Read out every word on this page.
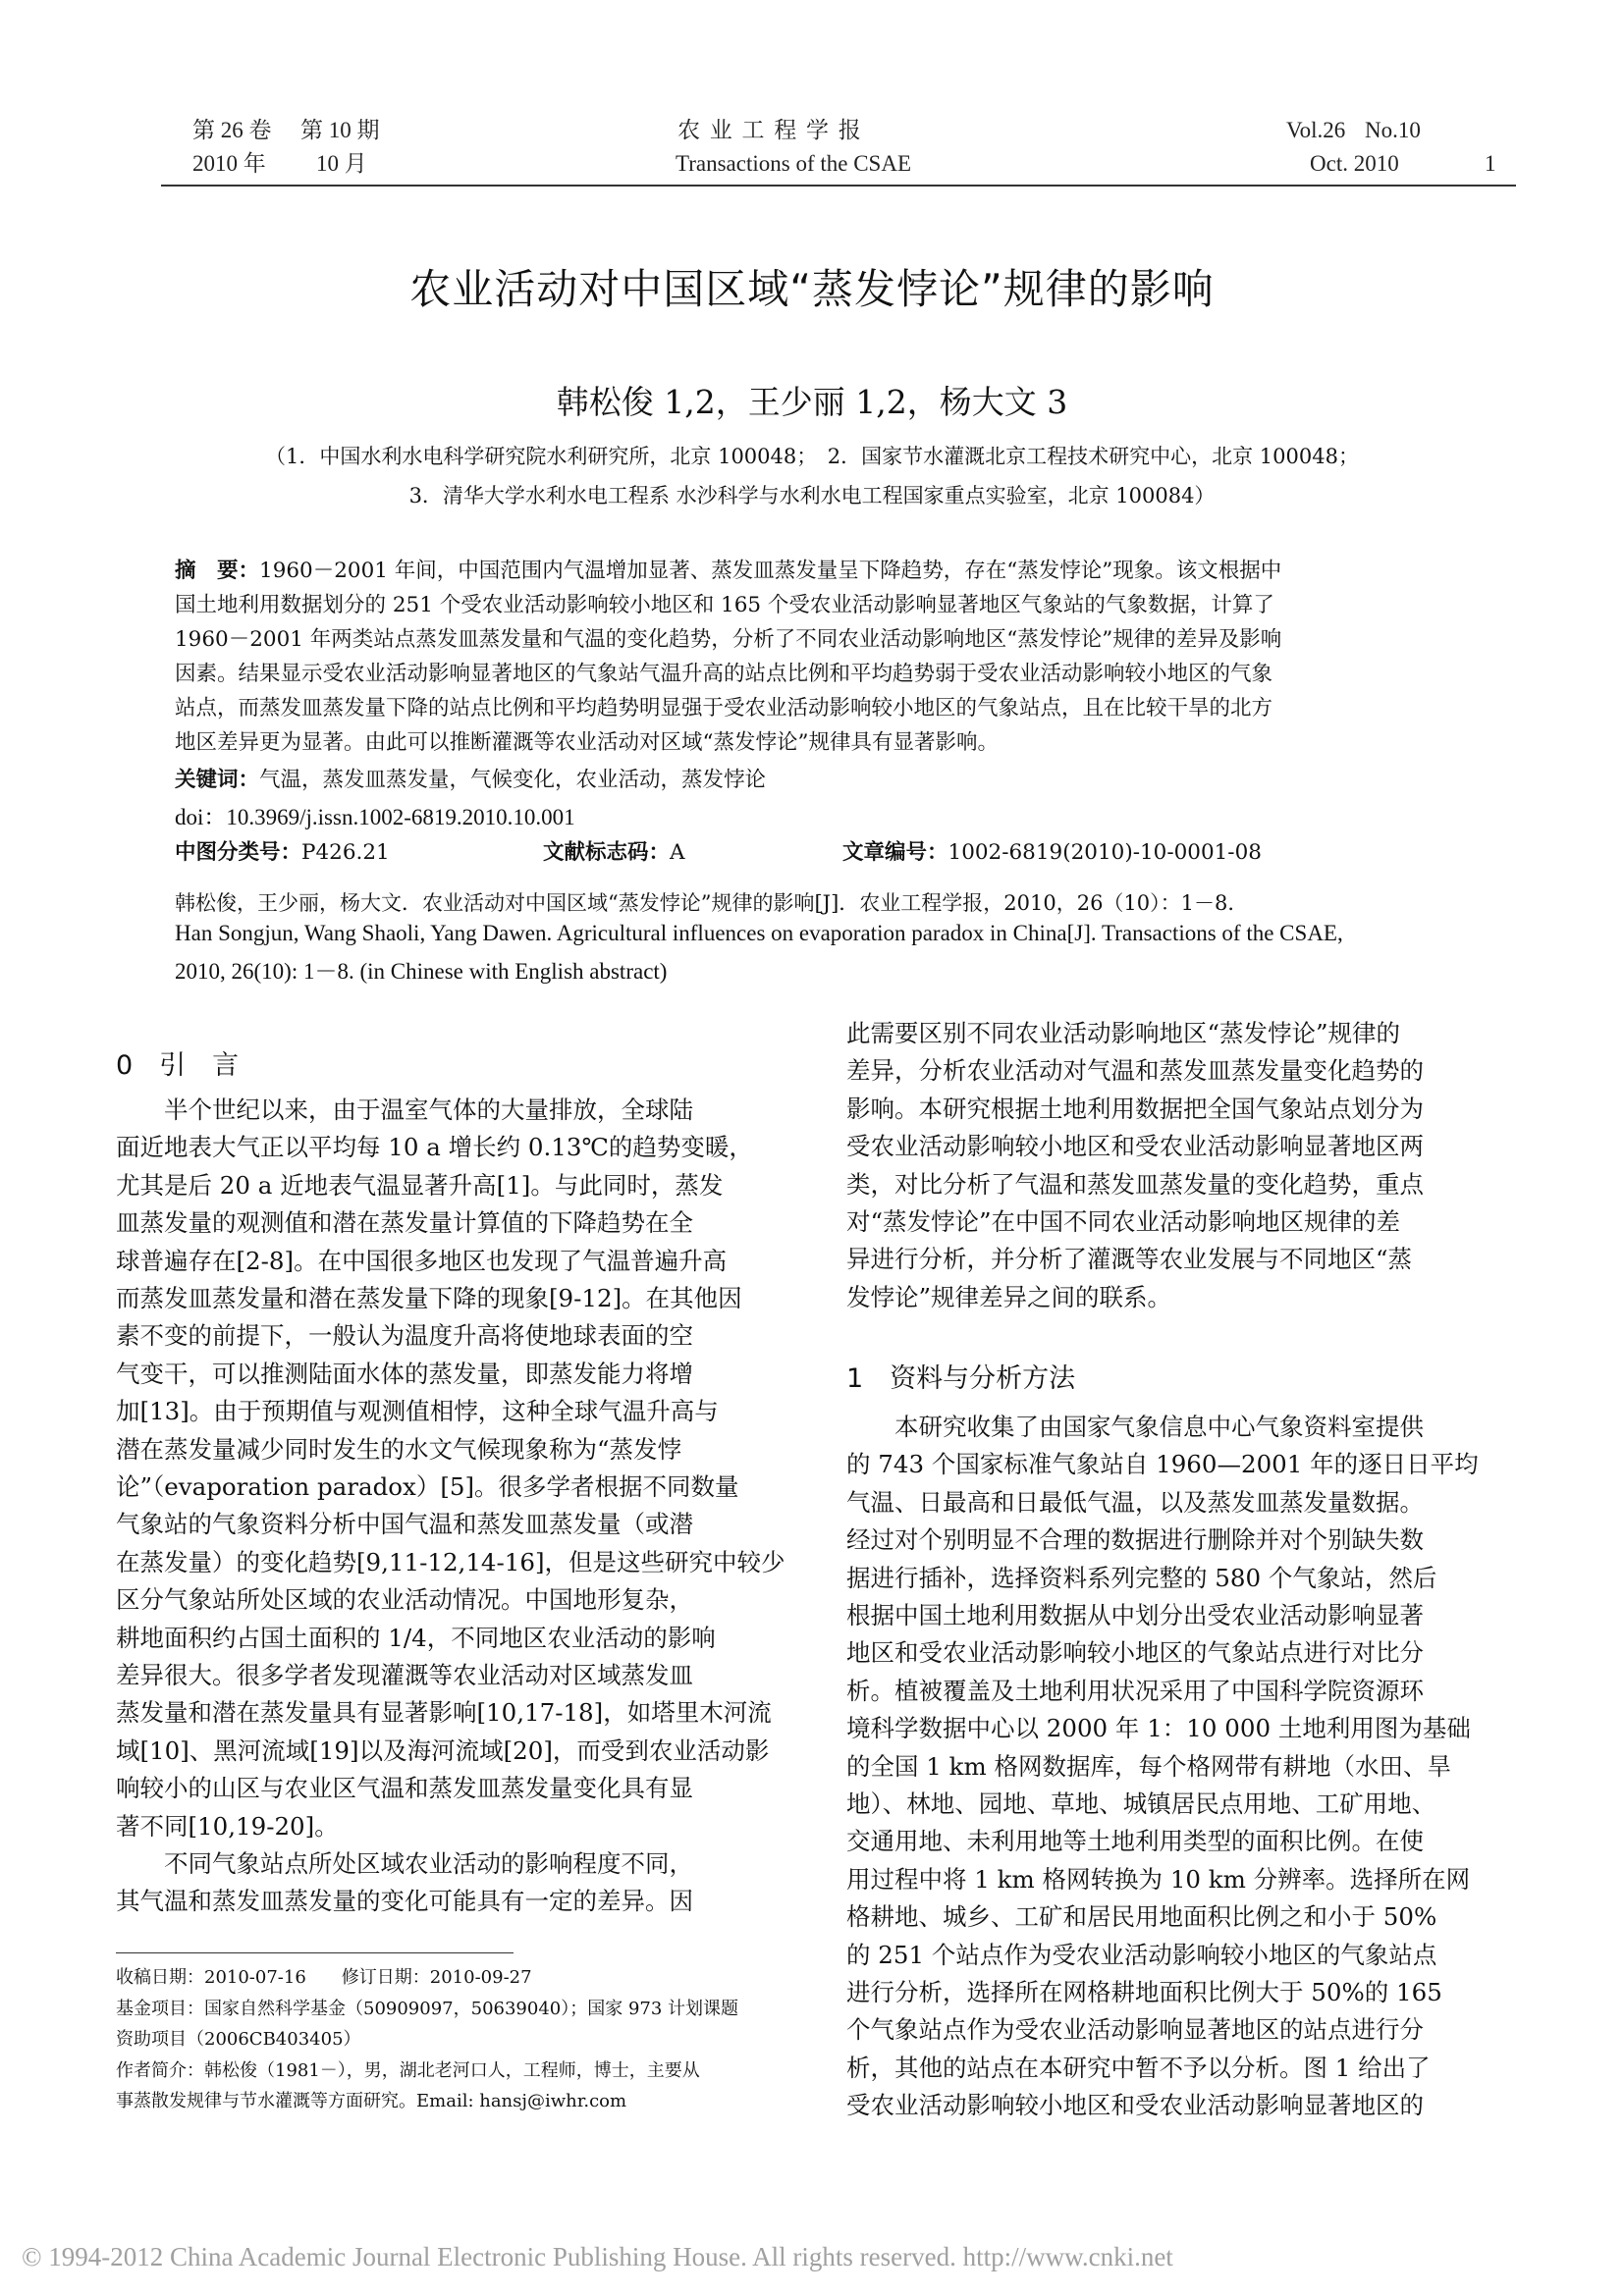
第 26 卷 第 10 期
2010 年 10 月
农 业 工 程 学 报
Transactions of the CSAE
Vol.26 No.10
Oct. 2010	1
农业活动对中国区域“蒸发悖论”规律的影响
韩松俊 1,2，王少丽 1,2，杨大文 3
（1．中国水利水电科学研究院水利研究所，北京 100048；　2．国家节水灌溉北京工程技术研究中心，北京 100048；
3．清华大学水利水电工程系 水沙科学与水利水电工程国家重点实验室，北京 100084）
摘　要：1960－2001 年间，中国范围内气温增加显著、蒸发皿蒸发量呈下降趋势，存在“蒸发悖论”现象。该文根据中
国土地利用数据划分的 251 个受农业活动影响较小地区和 165 个受农业活动影响显著地区气象站的气象数据，计算了
1960－2001 年两类站点蒸发皿蒸发量和气温的变化趋势，分析了不同农业活动影响地区“蒸发悖论”规律的差异及影响
因素。结果显示受农业活动影响显著地区的气象站气温升高的站点比例和平均趋势弱于受农业活动影响较小地区的气象
站点，而蒸发皿蒸发量下降的站点比例和平均趋势明显强于受农业活动影响较小地区的气象站点，且在比较干旱的北方
地区差异更为显著。由此可以推断灌溉等农业活动对区域“蒸发悖论”规律具有显著影响。
关键词：气温，蒸发皿蒸发量，气候变化，农业活动，蒸发悖论
doi：10.3969/j.issn.1002-6819.2010.10.001
中图分类号：P426.21	文献标志码：A	文章编号：1002-6819(2010)-10-0001-08
韩松俊，王少丽，杨大文．农业活动对中国区域“蒸发悖论”规律的影响[J]．农业工程学报，2010，26（10）：1－8．
Han Songjun, Wang Shaoli, Yang Dawen. Agricultural influences on evaporation paradox in China[J]. Transactions of the CSAE,
2010, 26(10): 1－8. (in Chinese with English abstract)
0　引　言
　　半个世纪以来，由于温室气体的大量排放，全球陆
面近地表大气正以平均每 10 a 增长约 0.13℃的趋势变暖，
尤其是后 20 a 近地表气温显著升高[1]。与此同时，蒸发
皿蒸发量的观测值和潜在蒸发量计算值的下降趋势在全
球普遍存在[2-8]。在中国很多地区也发现了气温普遍升高
而蒸发皿蒸发量和潜在蒸发量下降的现象[9-12]。在其他因
素不变的前提下，一般认为温度升高将使地球表面的空
气变干，可以推测陆面水体的蒸发量，即蒸发能力将增
加[13]。由于预期值与观测值相悖，这种全球气温升高与
潜在蒸发量减少同时发生的水文气候现象称为“蒸发悖
论”（evaporation paradox）[5]。很多学者根据不同数量
气象站的气象资料分析中国气温和蒸发皿蒸发量（或潜
在蒸发量）的变化趋势[9,11-12,14-16]，但是这些研究中较少
区分气象站所处区域的农业活动情况。中国地形复杂，
耕地面积约占国土面积的 1/4，不同地区农业活动的影响
差异很大。很多学者发现灌溉等农业活动对区域蒸发皿
蒸发量和潜在蒸发量具有显著影响[10,17-18]，如塔里木河流
域[10]、黑河流域[19]以及海河流域[20]，而受到农业活动影
响较小的山区与农业区气温和蒸发皿蒸发量变化具有显
著不同[10,19-20]。
　　不同气象站点所处区域农业活动的影响程度不同，
其气温和蒸发皿蒸发量的变化可能具有一定的差异。因
收稿日期：2010-07-16　　修订日期：2010-09-27
基金项目：国家自然科学基金（50909097，50639040）；国家 973 计划课题
资助项目（2006CB403405）
作者简介：韩松俊（1981－），男，湖北老河口人，工程师，博士，主要从
事蒸散发规律与节水灌溉等方面研究。Email: hansj@iwhr.com
此需要区别不同农业活动影响地区“蒸发悖论”规律的
差异，分析农业活动对气温和蒸发皿蒸发量变化趋势的
影响。本研究根据土地利用数据把全国气象站点划分为
受农业活动影响较小地区和受农业活动影响显著地区两
类，对比分析了气温和蒸发皿蒸发量的变化趋势，重点
对“蒸发悖论”在中国不同农业活动影响地区规律的差
异进行分析，并分析了灌溉等农业发展与不同地区“蒸
发悖论”规律差异之间的联系。
1　资料与分析方法
　　本研究收集了由国家气象信息中心气象资料室提供
的 743 个国家标准气象站自 1960—2001 年的逐日日平均
气温、日最高和日最低气温，以及蒸发皿蒸发量数据。
经过对个别明显不合理的数据进行删除并对个别缺失数
据进行插补，选择资料系列完整的 580 个气象站，然后
根据中国土地利用数据从中划分出受农业活动影响显著
地区和受农业活动影响较小地区的气象站点进行对比分
析。植被覆盖及土地利用状况采用了中国科学院资源环
境科学数据中心以 2000 年 1：10 000 土地利用图为基础
的全国 1 km 格网数据库，每个格网带有耕地（水田、旱
地）、林地、园地、草地、城镇居民点用地、工矿用地、
交通用地、未利用地等土地利用类型的面积比例。在使
用过程中将 1 km 格网转换为 10 km 分辨率。选择所在网
格耕地、城乡、工矿和居民用地面积比例之和小于 50%
的 251 个站点作为受农业活动影响较小地区的气象站点
进行分析，选择所在网格耕地面积比例大于 50%的 165
个气象站点作为受农业活动影响显著地区的站点进行分
析，其他的站点在本研究中暂不予以分析。图 1 给出了
受农业活动影响较小地区和受农业活动影响显著地区的
© 1994-2012 China Academic Journal Electronic Publishing House. All rights reserved. http://www.cnki.net
